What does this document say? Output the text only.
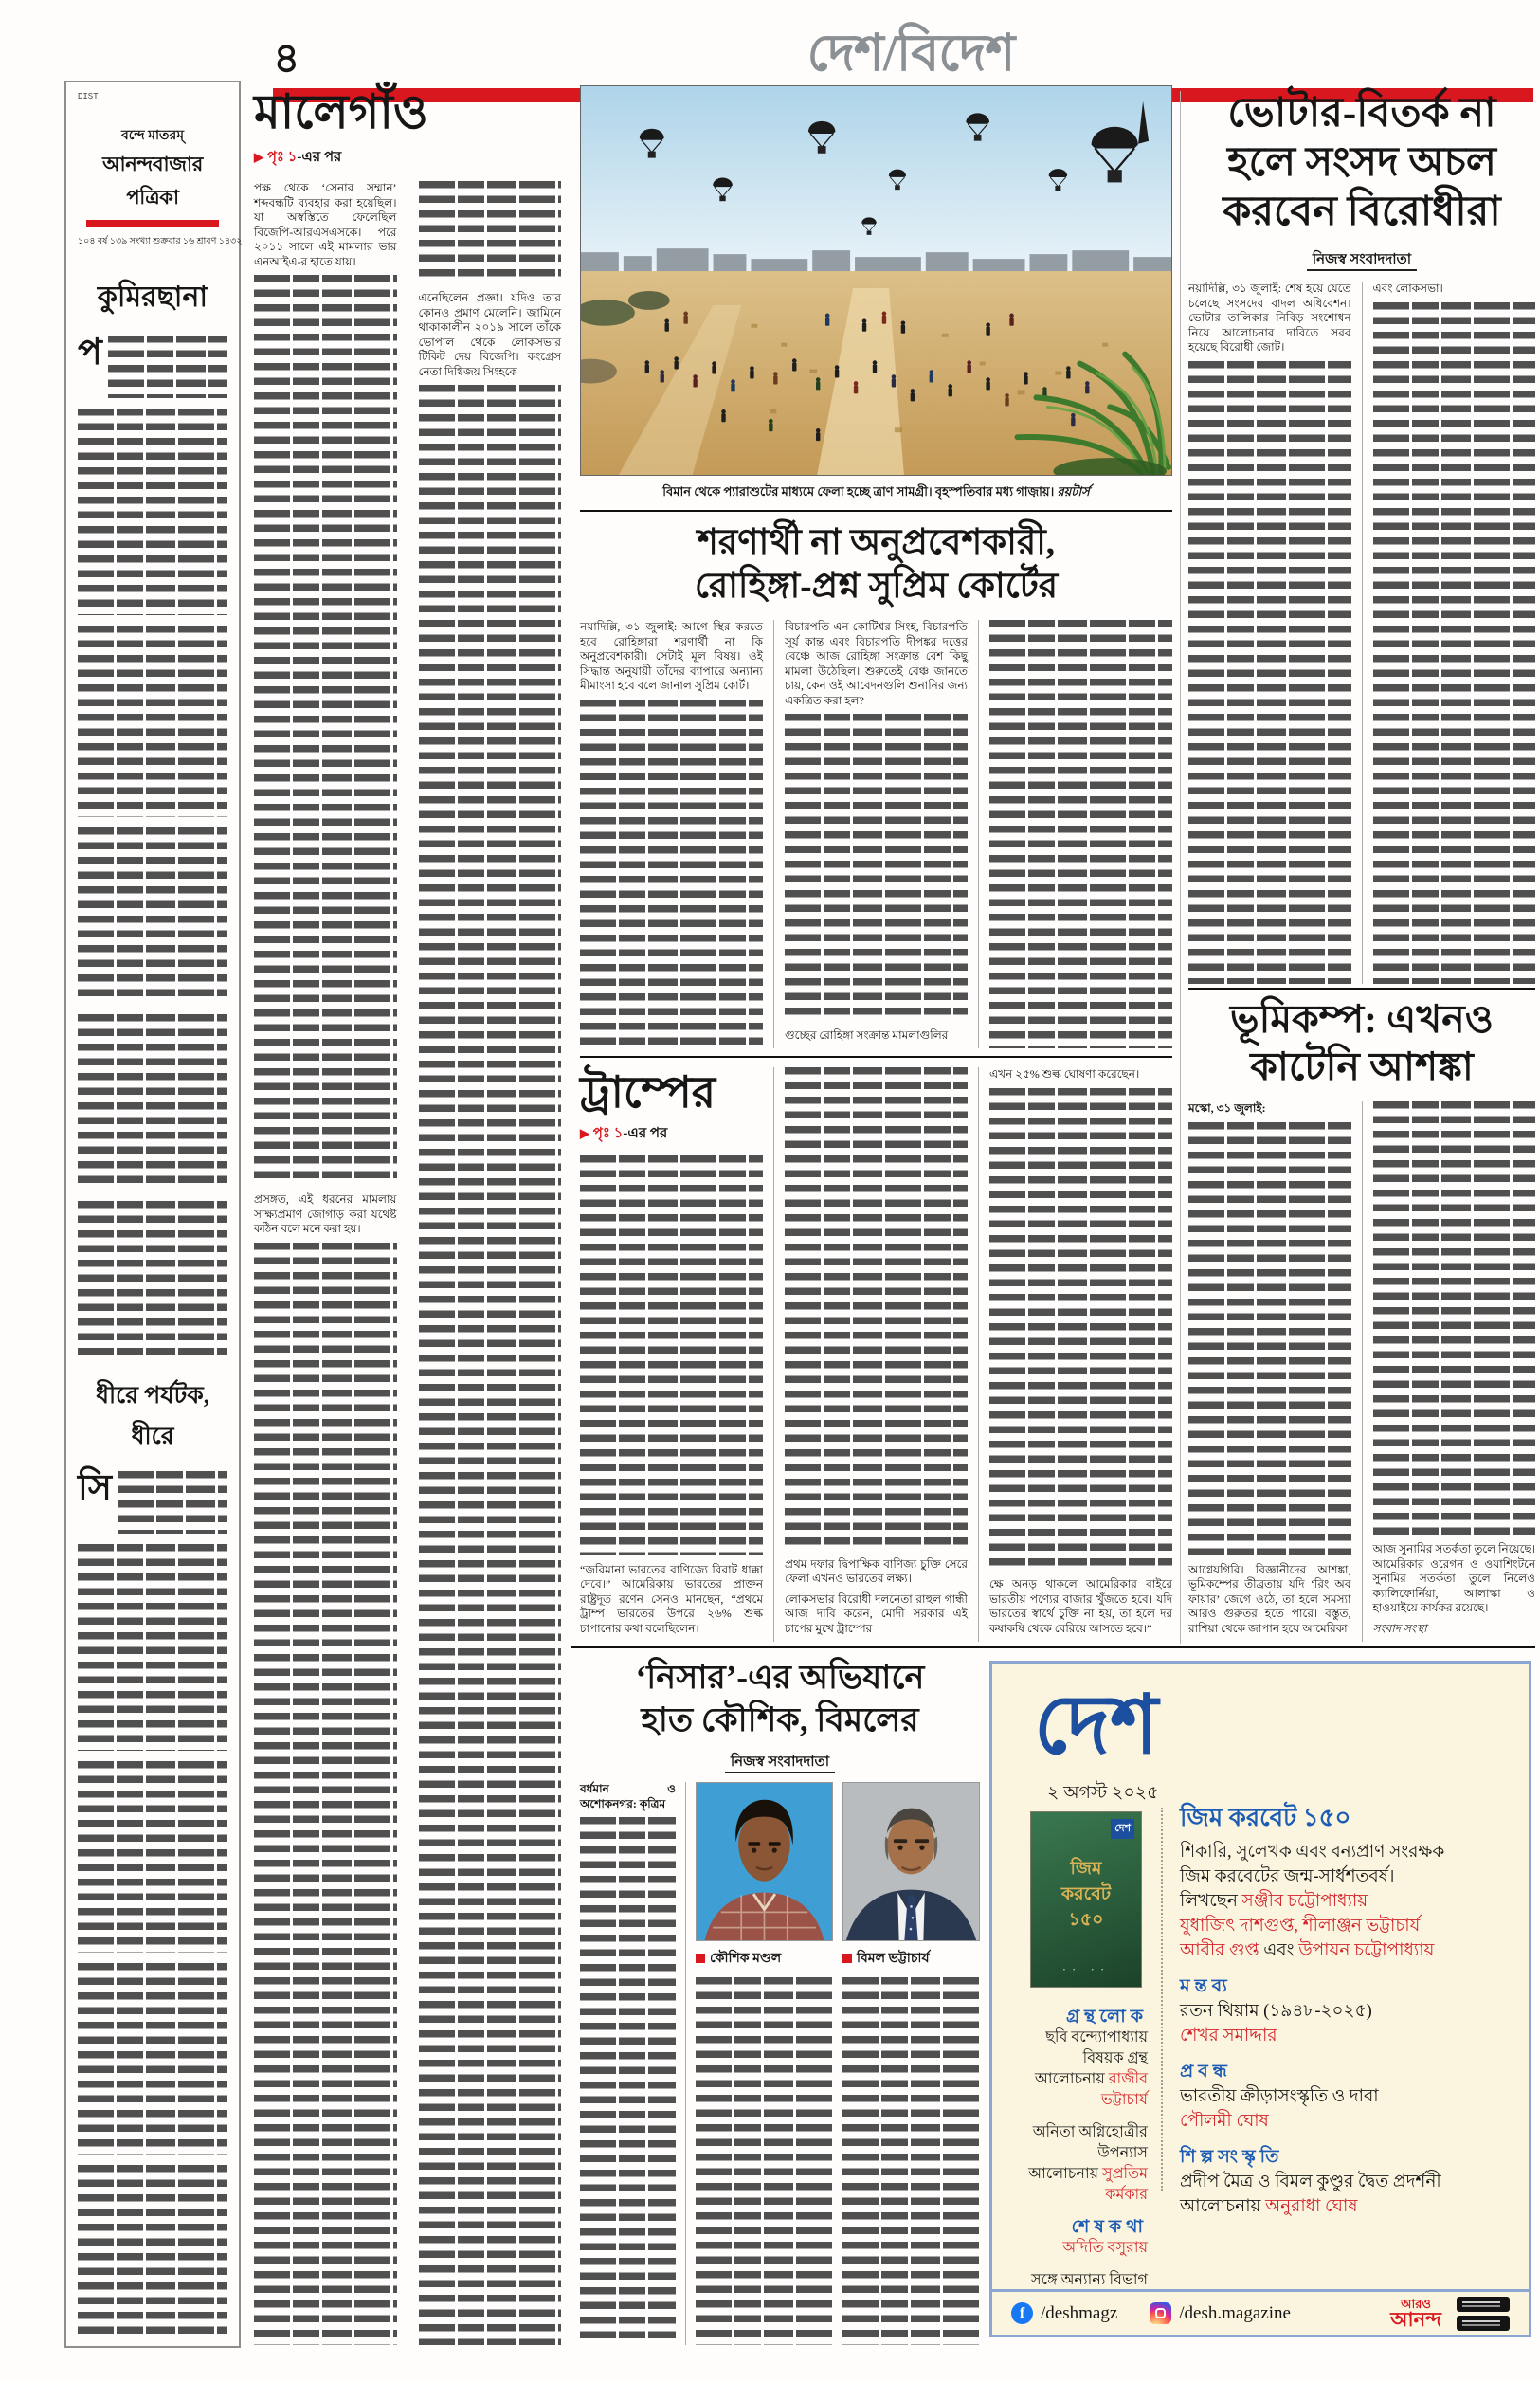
DIST
বন্দে মাতরম্
আনন্দবাজার পত্রিকা
১০৪ বর্ষ ১৩৯ সংখ্যা শুক্রবার ১৬ শ্রাবণ ১৪৩২
কুমিরছানা
প
ধীরে পর্যটক, ধীরে
সি
৪	দেশ/বিদেশ
মালেগাঁও
▶ পৃঃ ১-এর পর

পক্ষ থেকে ‘সেনার সম্মান’ শব্দবন্ধটি ব্যবহার করা হয়েছিল। যা অস্বস্তিতে ফেলেছিল বিজেপি-আরএসএসকে। পরে ২০১১ সালে এই মামলার ভার এনআইএ-র হাতে যায়।

প্রসঙ্গত, এই ধরনের মামলায় সাক্ষ্যপ্রমাণ জোগাড় করা যথেষ্ট কঠিন বলে মনে করা হয়।

এনেছিলেন প্রজ্ঞা। যদিও তার কোনও প্রমাণ মেলেনি। জামিনে থাকাকালীন ২০১৯ সালে তাঁকে ভোপাল থেকে লোকসভার টিকিট দেয় বিজেপি। কংগ্রেস নেতা দিগ্বিজয় সিংহকে

বিমান থেকে প্যারাশুটের মাধ্যমে ফেলা হচ্ছে ত্রাণ সামগ্রী। বৃহস্পতিবার মধ্য গাজ়ায়। রয়টার্স
ভোটার-বিতর্ক না
হলে সংসদ অচল
করবেন বিরোধীরা
নিজস্ব সংবাদদাতা

নয়াদিল্লি, ৩১ জুলাই: শেষ হয়ে যেতে চলেছে সংসদের বাদল অধিবেশন। ভোটার তালিকার নিবিড় সংশোধন নিয়ে আলোচনার দাবিতে সরব হয়েছে বিরোধী জোট।

এবং লোকসভা।

শরণার্থী না অনুপ্রবেশকারী,
রোহিঙ্গা-প্রশ্ন সুপ্রিম কোর্টের

নয়াদিল্লি, ৩১ জুলাই: আগে স্থির করতে হবে রোহিঙ্গারা শরণার্থী না কি অনুপ্রবেশকারী। সেটাই মূল বিষয়। ওই সিদ্ধান্ত অনুযায়ী তাঁদের ব্যাপারে অন্যান্য মীমাংসা হবে বলে জানাল সুপ্রিম কোর্ট।

বিচারপতি এন কোটিশ্বর সিংহ, বিচারপতি সূর্য কান্ত এবং বিচারপতি দীপঙ্কর দত্তের বেঞ্চে আজ রোহিঙ্গা সংক্রান্ত বেশ কিছু মামলা উঠেছিল। শুরুতেই বেঞ্চ জানতে চায়, কেন ওই আবেদনগুলি শুনানির জন্য একত্রিত করা হল?

গুচ্ছের রোহিঙ্গা সংক্রান্ত মামলাগুলির

ট্রাম্পের
▶ পৃঃ ১-এর পর

“জরিমানা ভারতের বাণিজ্যে বিরাট ধাক্কা দেবে।” আমেরিকায় ভারতের প্রাক্তন রাষ্ট্রদূত রণেন সেনও মানছেন, “প্রথমে ট্রাম্প ভারতের উপরে ২৬% শুল্ক চাপানোর কথা বলেছিলেন।

প্রথম দফার দ্বিপাক্ষিক বাণিজ্য চুক্তি সেরে ফেলা এখনও ভারতের লক্ষ্য।

লোকসভার বিরোধী দলনেতা রাহুল গান্ধী আজ দাবি করেন, মোদী সরকার এই চাপের মুখে ট্রাম্পের

এখন ২৫% শুল্ক ঘোষণা করেছেন।

ক্ষে অনড় থাকলে আমেরিকার বাইরে ভারতীয় পণ্যের বাজার খুঁজতে হবে। যদি ভারতের স্বার্থে চুক্তি না হয়, তা হলে দর কষাকষি থেকে বেরিয়ে আসতে হবে।”

ভূমিকম্প: এখনও
কাটেনি আশঙ্কা

মস্কো, ৩১ জুলাই:

আগ্নেয়গিরি। বিজ্ঞানীদের আশঙ্কা, ভূমিকম্পের তীব্রতায় যদি ‘রিং অব ফায়ার’ জেগে ওঠে, তা হলে সমস্যা আরও গুরুতর হতে পারে। বস্তুত, রাশিয়া থেকে জাপান হয়ে আমেরিকা

আজ সুনামির সতর্কতা তুলে নিয়েছে। আমেরিকার ওরেগন ও ওয়াশিংটনে সুনামির সতর্কতা তুলে নিলেও ক্যালিফোর্নিয়া, আলাস্কা ও হাওয়াইয়ে কার্যকর রয়েছে।

সংবাদ সংস্থা

‘নিসার’-এর অভিযানে
হাত কৌশিক, বিমলের
নিজস্ব সংবাদদাতা

বর্ধমান ও অশোকনগর: কৃত্রিম

কৌশিক মণ্ডল	বিমল ভট্টাচার্য
দেশ
২ অগস্ট ২০২৫
দেশ
জিম
করবেট
১৫০
·· ··
গ্রন্থলোক
ছবি বন্দ্যোপাধ্যায় বিষয়ক গ্রন্থ
আলোচনায় রাজীব ভট্টাচার্য
অনিতা অগ্নিহোত্রীর উপন্যাস
আলোচনায় সুপ্রতিম কর্মকার
শেষকথা
অদিতি বসুরায়
সঙ্গে অন্যান্য বিভাগ
জিম করবেট ১৫০
শিকারি, সুলেখক এবং বন্যপ্রাণ সংরক্ষক
জিম করবেটের জন্ম-সার্ধশতবর্ষ।
লিখছেন সঞ্জীব চট্টোপাধ্যায়
যুধাজিৎ দাশগুপ্ত, শীলাঞ্জন ভট্টাচার্য
আবীর গুপ্ত এবং উপায়ন চট্টোপাধ্যায়
মন্তব্য
রতন থিয়াম (১৯৪৮-২০২৫)
শেখর সমাদ্দার
প্রবন্ধ
ভারতীয় ক্রীড়াসংস্কৃতি ও দাবা
পৌলমী ঘোষ
শিল্পসংস্কৃতি
প্রদীপ মৈত্র ও বিমল কুণ্ডুর দ্বৈত প্রদর্শনী
আলোচনায় অনুরাধা ঘোষ
f /deshmagz	/desh.magazine	আরও
আনন্দ
